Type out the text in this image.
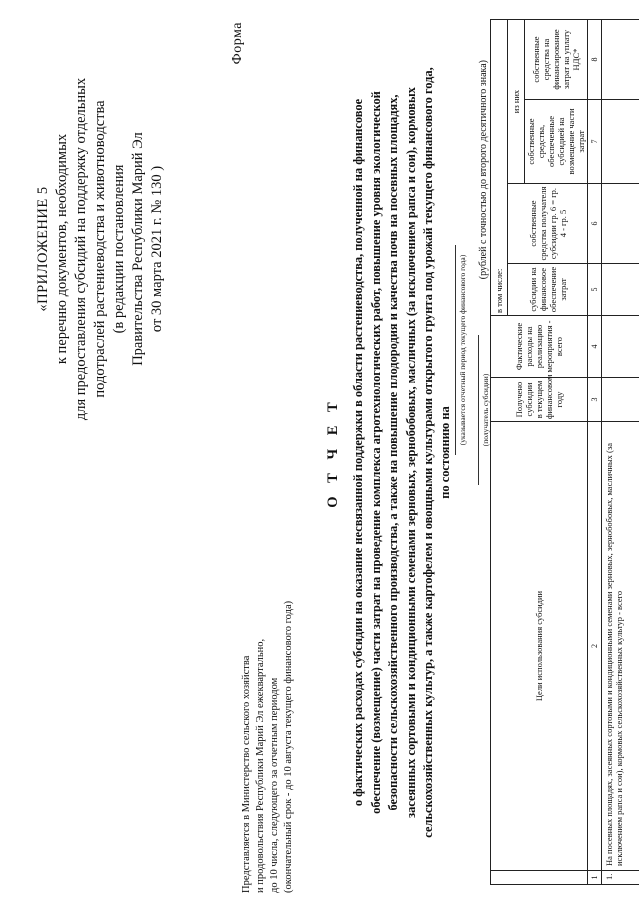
«ПРИЛОЖЕНИЕ 5 к перечню документов, необходимых для предоставления субсидий на поддержку отдельных подотраслей растениеводства и животноводства (в редакции постановления Правительства Республики Марий Эл от 30 марта 2021 г. № 130 )
Форма
Представляется в Министерство сельского хозяйства и продовольствия Республики Марий Эл ежеквартально, до 10 числа, следующего за отчетным периодом (окончательный срок - до 10 августа текущего финансового года)
О Т Ч Е Т о фактических расходах субсидии на оказание несвязанной поддержки в области растениеводства, полученной на финансовое обеспечение (возмещение) части затрат на проведение комплекса агротехнологических работ, повышение уровня экологической безопасности сельскохозяйственного производства, а также на повышение плодородия и качества почв на посевных площадях, засеянных сортовыми и кондиционными семенами зерновых, зернобобовых, масличных (за исключением рапса и сои), кормовых сельскохозяйственных культур, а также картофелем и овощными культурами открытого грунта под урожай текущего финансового года, по состоянию на
(указывается отчетный период текущего финансового года) (получатель субсидии)
(рублей с точностью до второго десятичного знака)
	Цели использования субсидии	Получено субсидии в текущем финансовом году	Фактические расходы на реализацию мероприятия - всего	в том числе:			
				субсидии на финансовое обеспечение затрат	собственные средства получателя субсидии гр. 6 = гр. 4 - гр. 5	из них	
						собственные средства, обеспеченные субсидией на возмещение части затрат	собственные средства на финансирование затрат на уплату НДС*
1	2	3	4	5	6	7	8
1.	На посевных площадях, засеянных сортовыми и кондиционными семенами зерновых, зернобобовых, масличных (за исключением рапса и сои), кормовых сельскохозяйственных культур - всего						
